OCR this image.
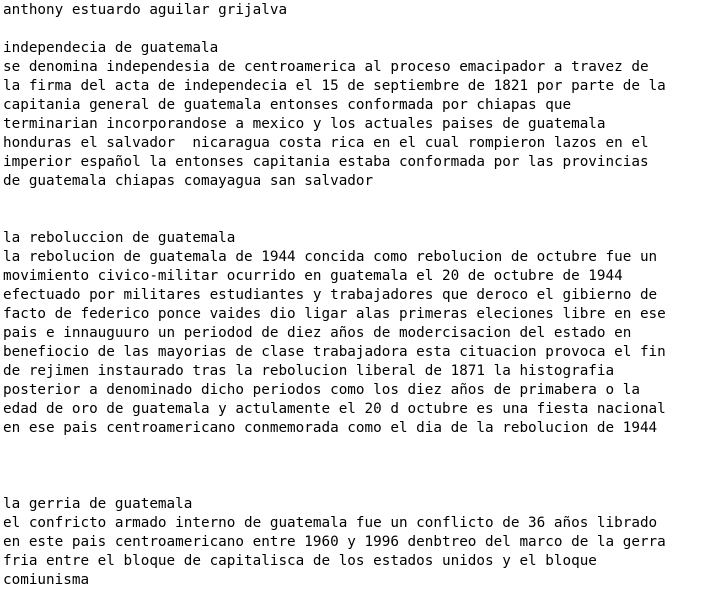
anthony estuardo aguilar grijalva
independecia de guatemala
se denomina independesia de centroamerica al proceso emacipador a travez de
la firma del acta de independecia el 15 de septiembre de 1821 por parte de la
capitania general de guatemala entonses conformada por chiapas que
terminarian incorporandose a mexico y los actuales paises de guatemala
honduras el salvador  nicaragua costa rica en el cual rompieron lazos en el
imperior español la entonses capitania estaba conformada por las provincias
de guatemala chiapas comayagua san salvador
la reboluccion de guatemala
la rebolucion de guatemala de 1944 concida como rebolucion de octubre fue un
movimiento civico-militar ocurrido en guatemala el 20 de octubre de 1944
efectuado por militares estudiantes y trabajadores que deroco el gibierno de
facto de federico ponce vaides dio ligar alas primeras eleciones libre en ese
pais e innauguuro un periodod de diez años de modercisacion del estado en
benefiocio de las mayorias de clase trabajadora esta cituacion provoca el fin
de rejimen instaurado tras la rebolucion liberal de 1871 la histografia
posterior a denominado dicho periodos como los diez años de primabera o la
edad de oro de guatemala y actulamente el 20 d octubre es una fiesta nacional
en ese pais centroamericano conmemorada como el dia de la rebolucion de 1944
la gerria de guatemala
el confricto armado interno de guatemala fue un conflicto de 36 años librado
en este pais centroamericano entre 1960 y 1996 denbtreo del marco de la gerra
fria entre el bloque de capitalisca de los estados unidos y el bloque
comiunisma
